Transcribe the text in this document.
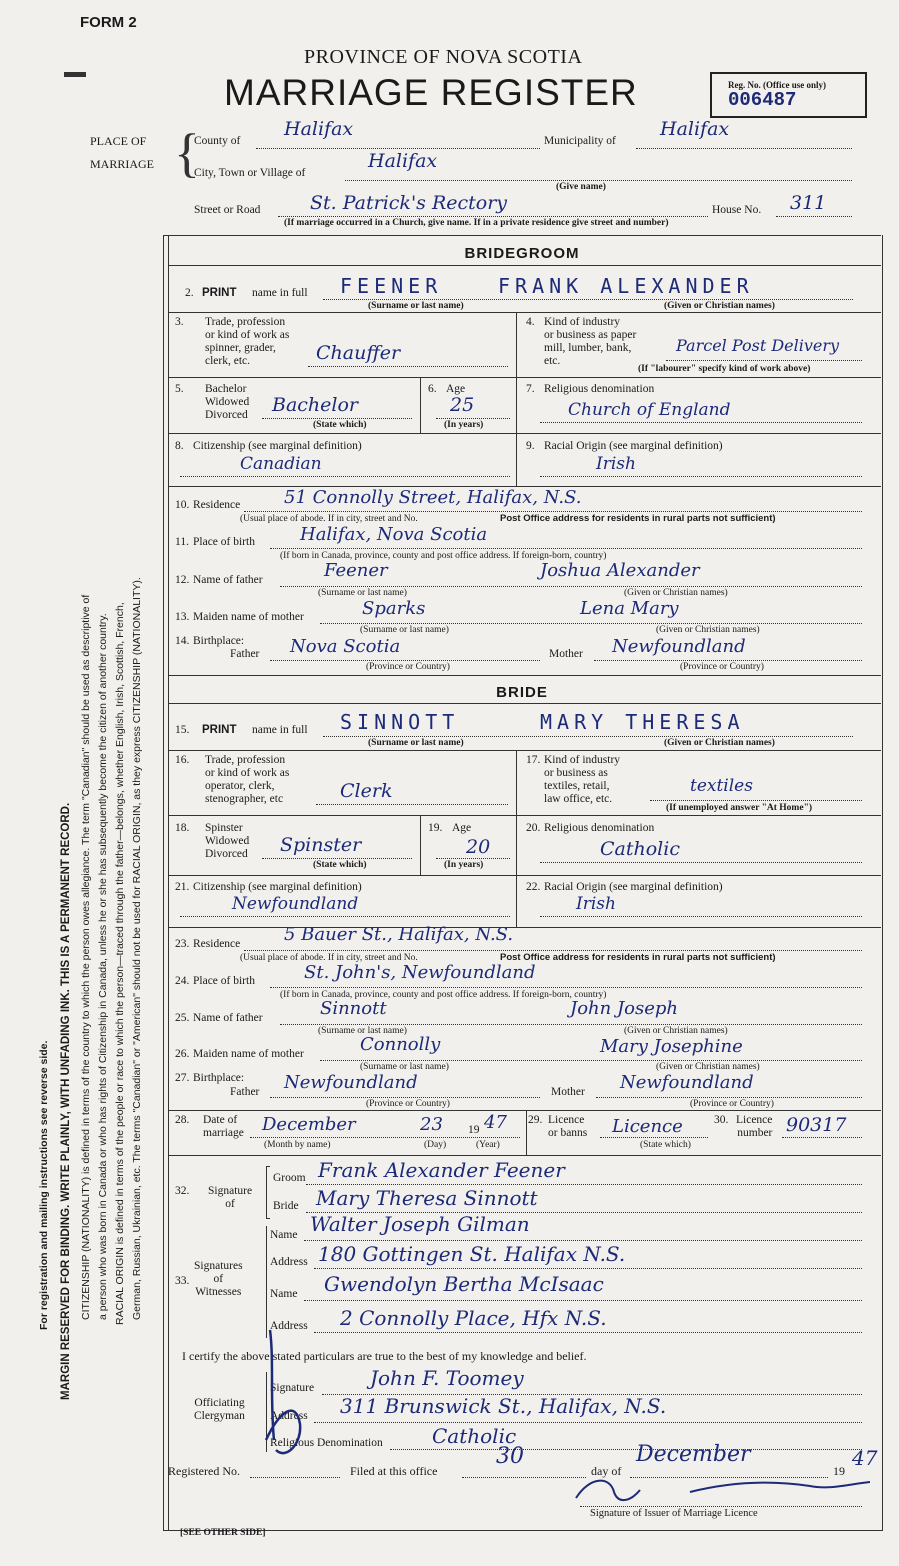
FORM 2
PROVINCE OF NOVA SCOTIA
MARRIAGE REGISTER	Reg. No. (Office use only)
006487
PLACE OF
MARRIAGE {
County of
Halifax
Municipality of
Halifax
City, Town or Village of
Halifax
(Give name)
Street or Road	St. Patrick's Rectory	House No. 311
(If marriage occurred in a Church, give name. If in a private residence give street and number)
BRIDEGROOM
2. PRINT name in full FEENER	FRANK ALEXANDER
(Surname or last name)	(Given or Christian names)
3. Trade, profession
or kind of work as
spinner, grader,
clerk, etc.	Chauffer
4. Kind of industry
or business as paper
mill, lumber, bank,
etc.
Parcel Post Delivery
(If "labourer" specify kind of work above)
5. Bachelor
Widowed
Divorced Bachelor
(State which)
6. Age
25
(In years)
7. Religious denomination
Church of England
8. Citizenship (see marginal definition)
Canadian
9. Racial Origin (see marginal definition)
Irish
10. Residence 51 Connolly Street, Halifax, N.S.
(Usual place of abode. If in city, street and No.	Post Office address for residents in rural parts not sufficient)
11. Place of birth	Halifax, Nova Scotia
(If born in Canada, province, county and post office address. If foreign-born, country)
12. Name of father	Feener	Joshua Alexander
(Surname or last name)	(Given or Christian names)
13. Maiden name of mother	Sparks	Lena Mary
(Surname or last name)	(Given or Christian names)
14. Birthplace:
Father Nova Scotia
(Province or Country)
Mother Newfoundland
(Province or Country)
BRIDE
15. PRINT name in full SINNOTT	MARY THERESA
(Surname or last name)	(Given or Christian names)
16. Trade, profession
or kind of work as
operator, clerk,
stenographer, etc	Clerk
17. Kind of industry
or business as
textiles, retail,
law office, etc.
textiles
(If unemployed answer "At Home")
18. Spinster
Widowed
Divorced Spinster
(State which)
19. Age
20
(In years)
20. Religious denomination
Catholic
21. Citizenship (see marginal definition)
Newfoundland
22. Racial Origin (see marginal definition)
Irish
23. Residence 5 Bauer St., Halifax, N.S.
(Usual place of abode. If in city, street and No.	Post Office address for residents in rural parts not sufficient)
24. Place of birth	St. John's, Newfoundland
(If born in Canada, province, county and post office address. If foreign-born, country)
25. Name of father	Sinnott	John Joseph
(Surname or last name)	(Given or Christian names)
26. Maiden name of mother	Connolly	Mary Josephine
(Surname or last name)	(Given or Christian names)
27. Birthplace:
Father Newfoundland
(Province or Country)
Mother Newfoundland
(Province or Country)
28. Date of
marriage December	23 19 47
(Month by name)	(Day)	(Year)
29. Licence
or banns Licence
(State which)
30. Licence
number 90317
32. Signature
of
Groom Frank Alexander Feener
Bride Mary Theresa Sinnott
33.
Signatures
of
Witnesses
Name Walter Joseph Gilman
Address 180 Gottingen St. Halifax N.S.
Name Gwendolyn Bertha McIsaac
Address 2 Connolly Place, Hfx N.S.
I certify the above stated particulars are true to the best of my knowledge and belief.
Officiating
Clergyman
Signature	John F. Toomey
Address 311 Brunswick St., Halifax, N.S.
Religious Denomination Catholic
Registered No.	Filed at this office
30
day of
December
19
47
Signature of Issuer of Marriage Licence
[SEE OTHER SIDE]
For registration and mailing instructions see reverse side. MARGIN RESERVED FOR BINDING. WRITE PLAINLY, WITH UNFADING INK. THIS IS A PERMANENT RECORD. CITIZENSHIP (NATIONALITY) is defined in terms of the country to which the person owes allegiance. The term "Canadian" should be used as descriptive of a person who was born in Canada or who has rights of Citizenship in Canada, unless he or she has subsequently become the citizen of another country. RACIAL ORIGIN is defined in terms of the people or race to which the person—traced through the father—belongs, whether English, Irish, Scottish, French, German, Russian, Ukrainian, etc. The terms "Canadian" or "American" should not be used for RACIAL ORIGIN, as they express CITIZENSHIP (NATIONALITY).
